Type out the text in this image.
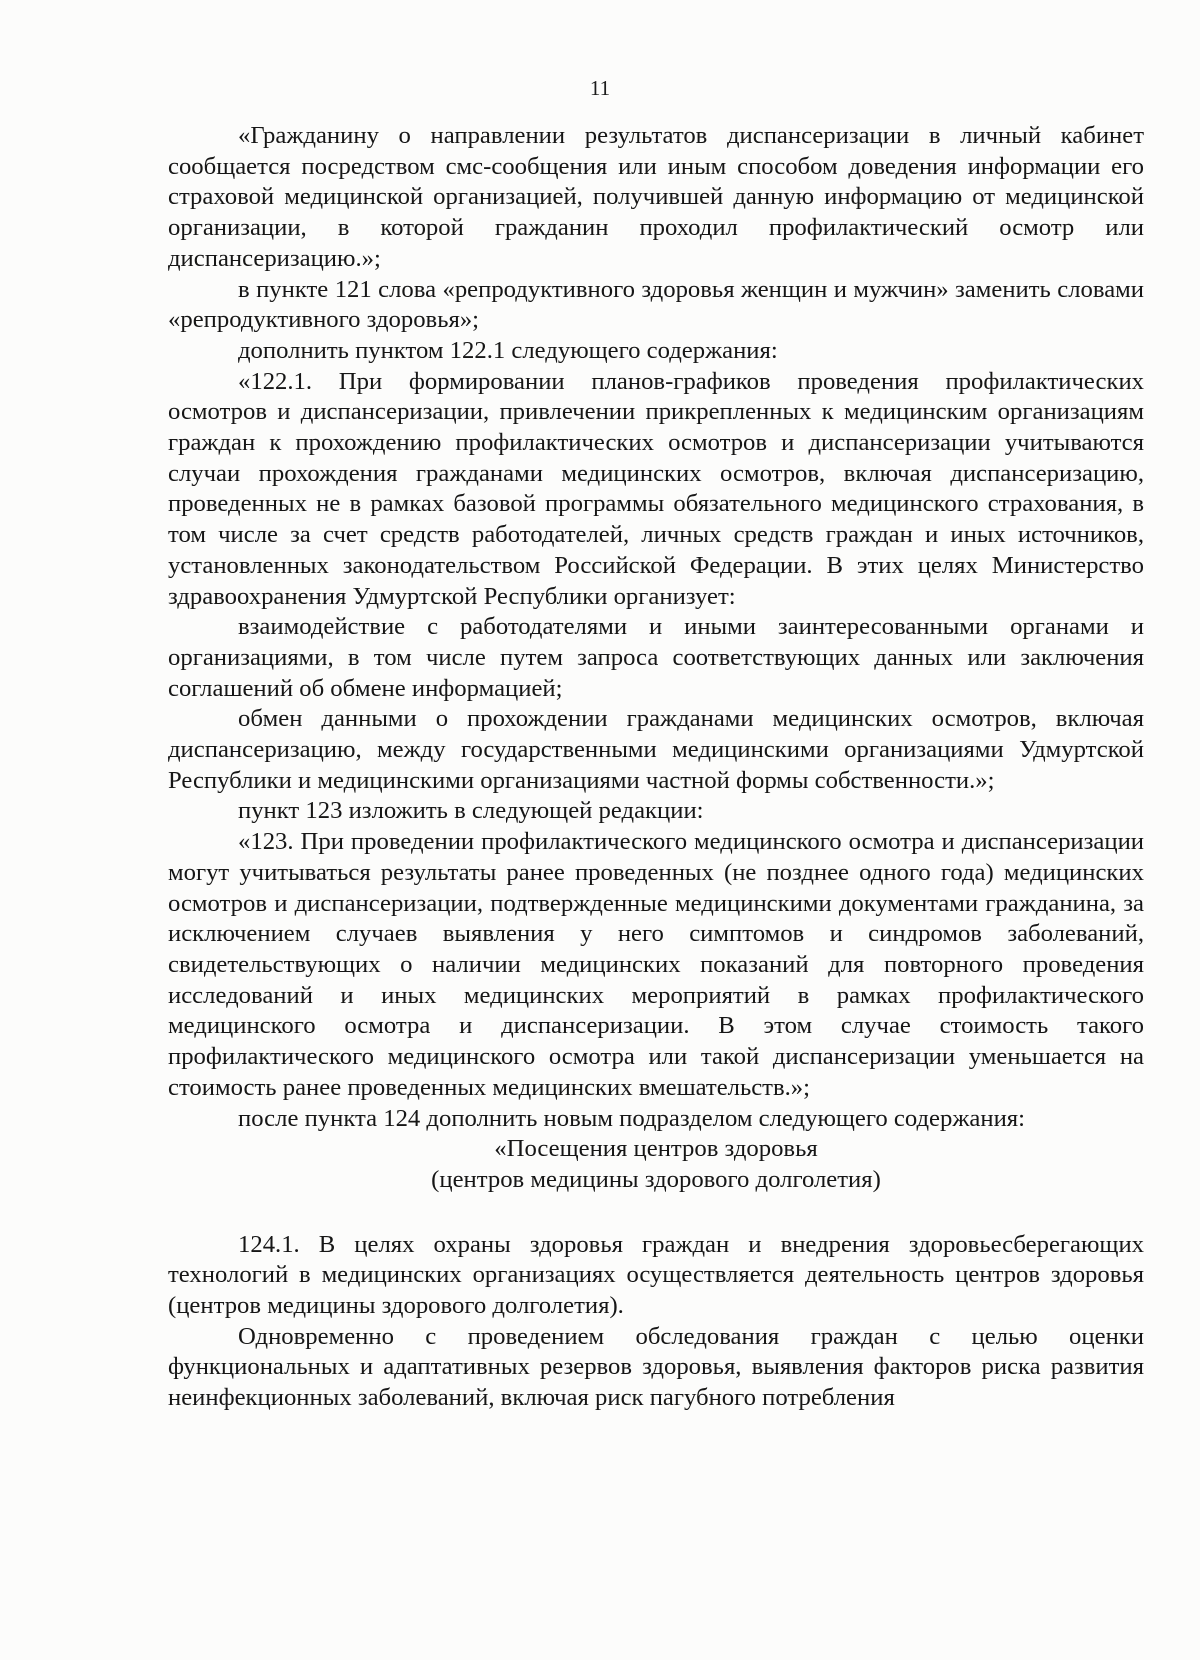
11

«Гражданину о направлении результатов диспансеризации в личный кабинет сообщается посредством смс-сообщения или иным способом доведения информации его страховой медицинской организацией, получившей данную информацию от медицинской организации, в которой гражданин проходил профилактический осмотр или диспансеризацию.»;

в пункте 121 слова «репродуктивного здоровья женщин и мужчин» заменить словами «репродуктивного здоровья»;

дополнить пунктом 122.1 следующего содержания:

«122.1. При формировании планов-графиков проведения профилактических осмотров и диспансеризации, привлечении прикрепленных к медицинским организациям граждан к прохождению профилактических осмотров и диспансеризации учитываются случаи прохождения гражданами медицинских осмотров, включая диспансеризацию, проведенных не в рамках базовой программы обязательного медицинского страхования, в том числе за счет средств работодателей, личных средств граждан и иных источников, установленных законодательством Российской Федерации. В этих целях Министерство здравоохранения Удмуртской Республики организует:

взаимодействие с работодателями и иными заинтересованными органами и организациями, в том числе путем запроса соответствующих данных или заключения соглашений об обмене информацией;

обмен данными о прохождении гражданами медицинских осмотров, включая диспансеризацию, между государственными медицинскими организациями Удмуртской Республики и медицинскими организациями частной формы собственности.»;

пункт 123 изложить в следующей редакции:

«123. При проведении профилактического медицинского осмотра и диспансеризации могут учитываться результаты ранее проведенных (не позднее одного года) медицинских осмотров и диспансеризации, подтвержденные медицинскими документами гражданина, за исключением случаев выявления у него симптомов и синдромов заболеваний, свидетельствующих о наличии медицинских показаний для повторного проведения исследований и иных медицинских мероприятий в рамках профилактического медицинского осмотра и диспансеризации. В этом случае стоимость такого профилактического медицинского осмотра или такой диспансеризации уменьшается на стоимость ранее проведенных медицинских вмешательств.»;

после пункта 124 дополнить новым подразделом следующего содержания:

«Посещения центров здоровья

(центров медицины здорового долголетия)

124.1. В целях охраны здоровья граждан и внедрения здоровьесберегающих технологий в медицинских организациях осуществляется деятельность центров здоровья (центров медицины здорового долголетия).

Одновременно с проведением обследования граждан с целью оценки функциональных и адаптативных резервов здоровья, выявления факторов риска развития неинфекционных заболеваний, включая риск пагубного потребления
